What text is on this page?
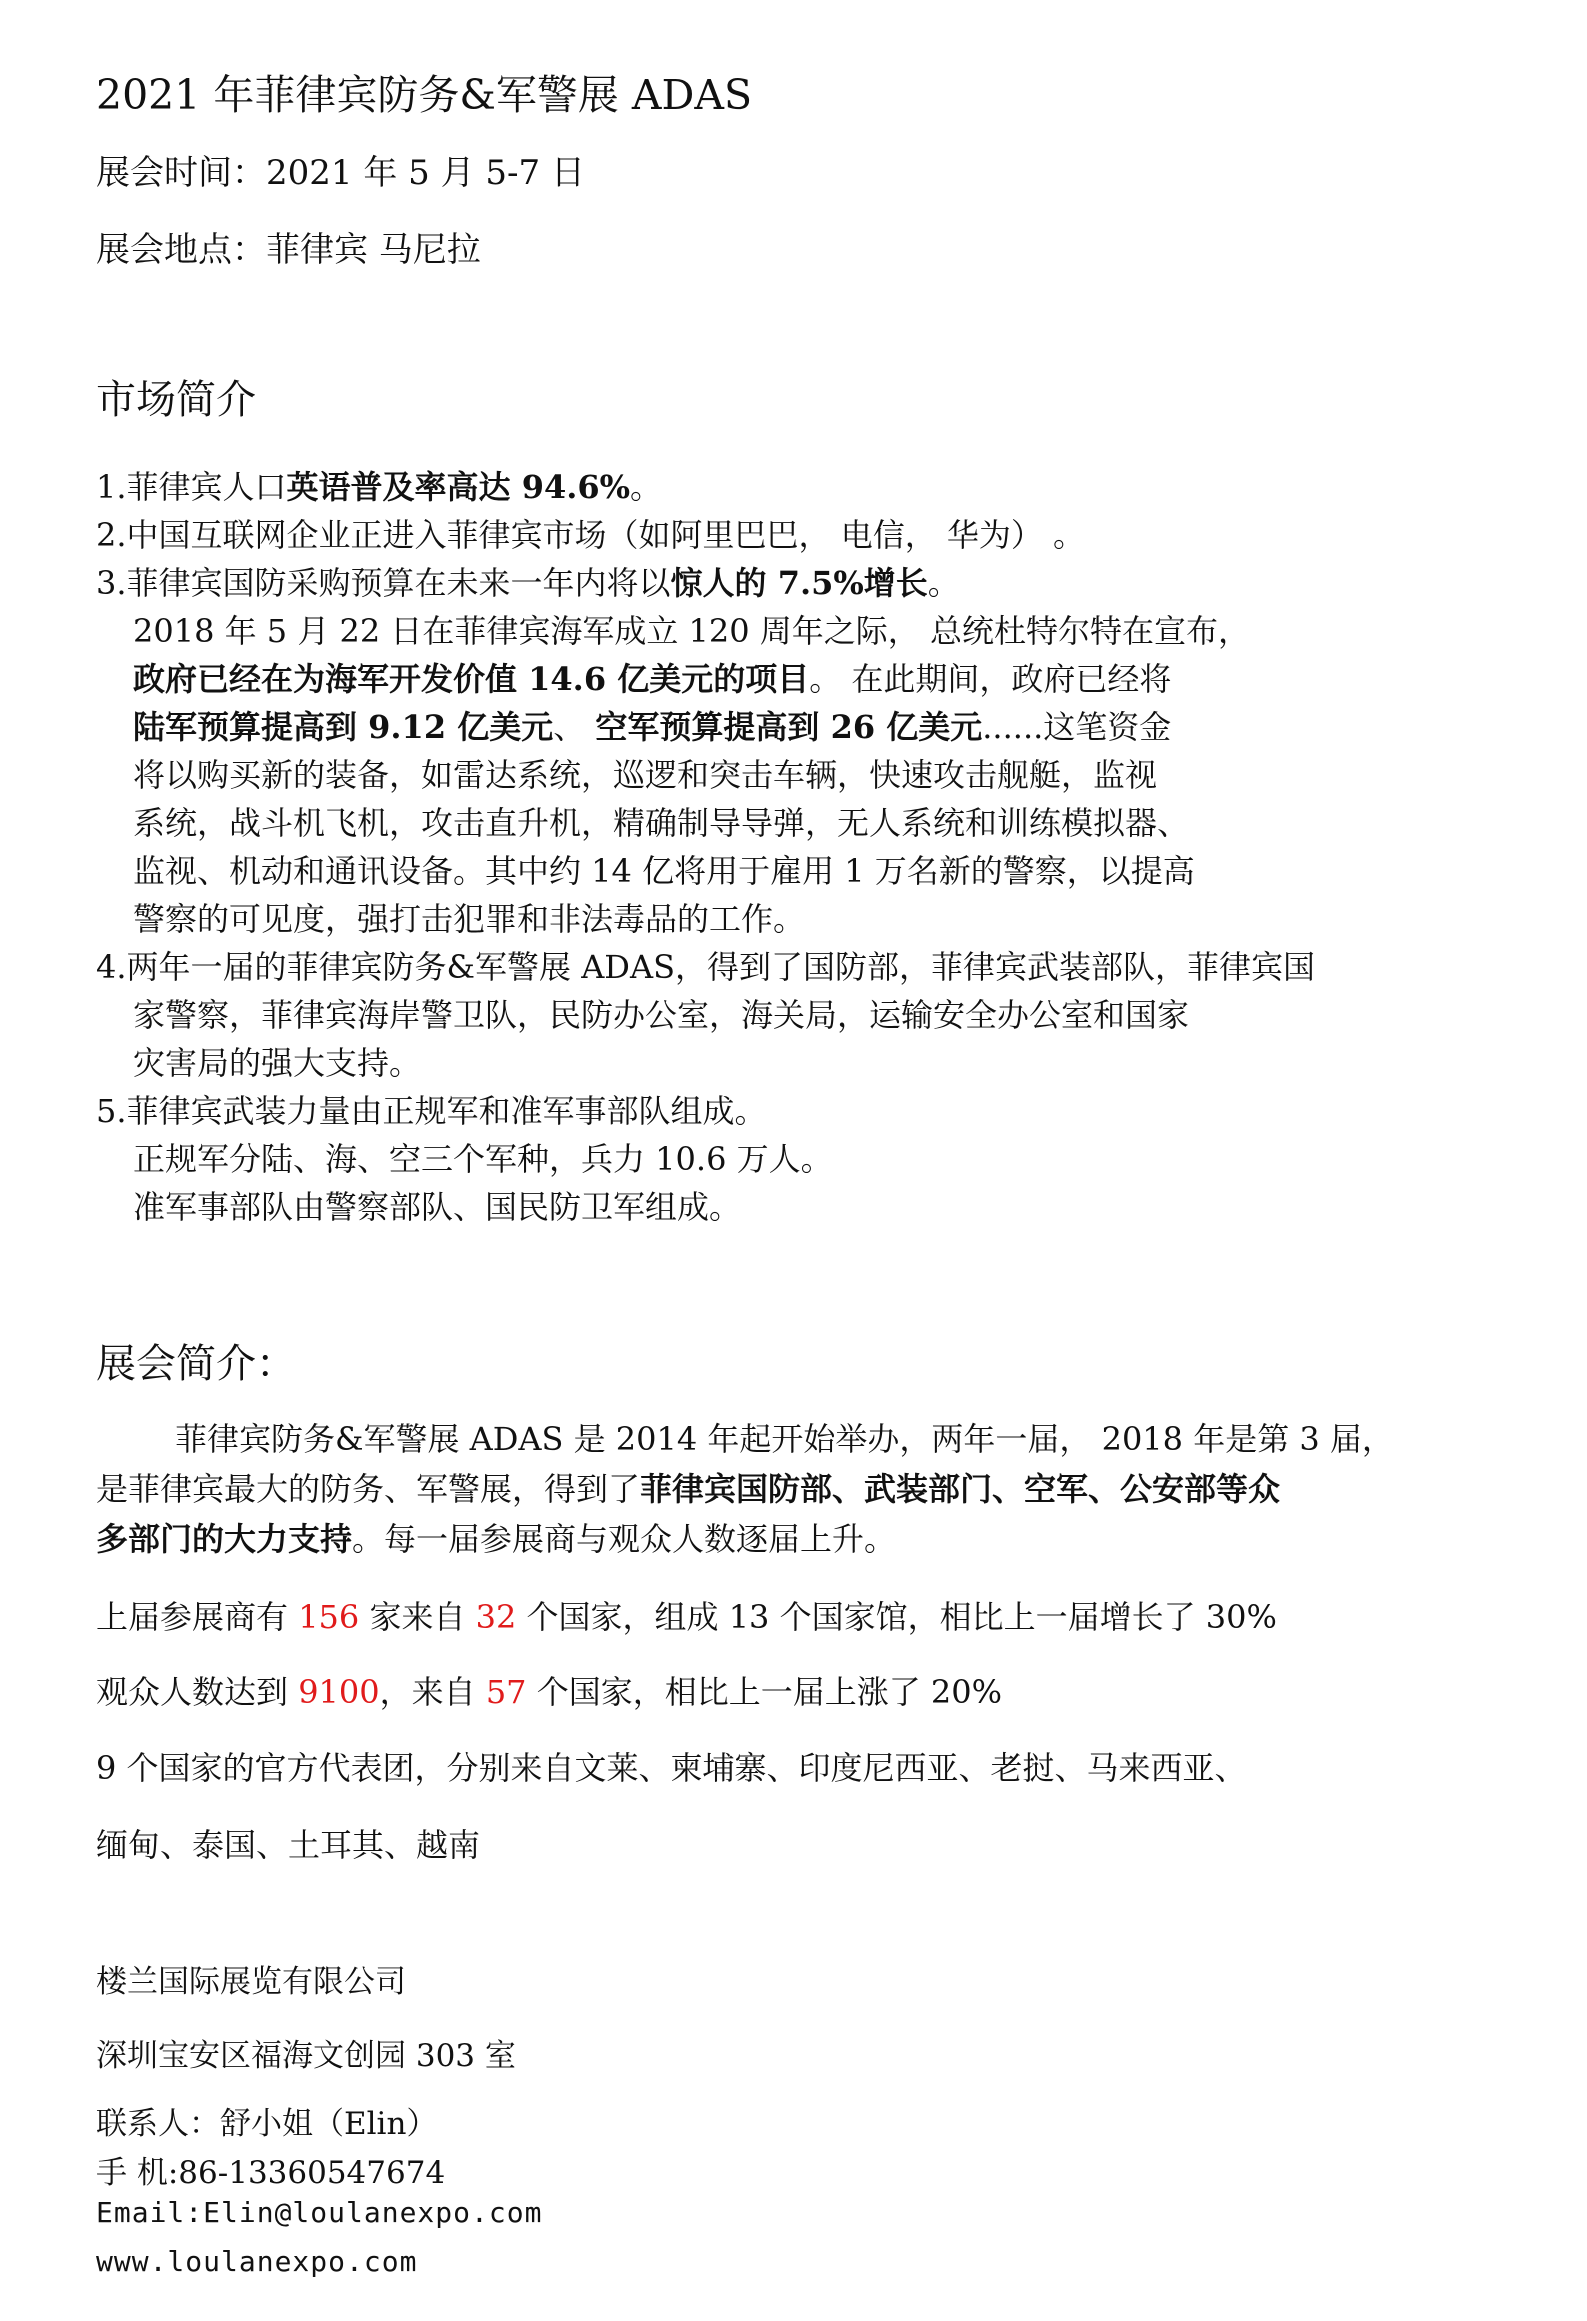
2021 年菲律宾防务&军警展 ADAS
展会时间：2021 年 5 月 5-7 日
展会地点：菲律宾 马尼拉
市场简介
1.菲律宾人口英语普及率高达 94.6%。
2.中国互联网企业正进入菲律宾市场（如阿里巴巴， 电信， 华为） 。
3.菲律宾国防采购预算在未来一年内将以惊人的 7.5%增长。
2018 年 5 月 22 日在菲律宾海军成立 120 周年之际， 总统杜特尔特在宣布，
政府已经在为海军开发价值 14.6 亿美元的项目。 在此期间，政府已经将
陆军预算提高到 9.12 亿美元、 空军预算提高到 26 亿美元......这笔资金
将以购买新的装备，如雷达系统，巡逻和突击车辆，快速攻击舰艇，监视
系统，战斗机飞机，攻击直升机，精确制导导弹，无人系统和训练模拟器、
监视、机动和通讯设备。其中约 14 亿将用于雇用 1 万名新的警察，以提高
警察的可见度，强打击犯罪和非法毒品的工作。
4.两年一届的菲律宾防务&军警展 ADAS，得到了国防部，菲律宾武装部队，菲律宾国
家警察，菲律宾海岸警卫队，民防办公室，海关局，运输安全办公室和国家
灾害局的强大支持。
5.菲律宾武装力量由正规军和准军事部队组成。
正规军分陆、海、空三个军种，兵力 10.6 万人。
准军事部队由警察部队、国民防卫军组成。
展会简介：
菲律宾防务&军警展 ADAS 是 2014 年起开始举办，两年一届， 2018 年是第 3 届，
是菲律宾最大的防务、军警展，得到了菲律宾国防部、武装部门、空军、公安部等众
多部门的大力支持。每一届参展商与观众人数逐届上升。
上届参展商有 156 家来自 32 个国家，组成 13 个国家馆，相比上一届增长了 30%
观众人数达到 9100，来自 57 个国家，相比上一届上涨了 20%
9 个国家的官方代表团，分别来自文莱、柬埔寨、印度尼西亚、老挝、马来西亚、
缅甸、泰国、土耳其、越南
楼兰国际展览有限公司
深圳宝安区福海文创园 303 室
联系人：舒小姐（Elin）
手 机:86-13360547674
Email:Elin@loulanexpo.com
www.loulanexpo.com
